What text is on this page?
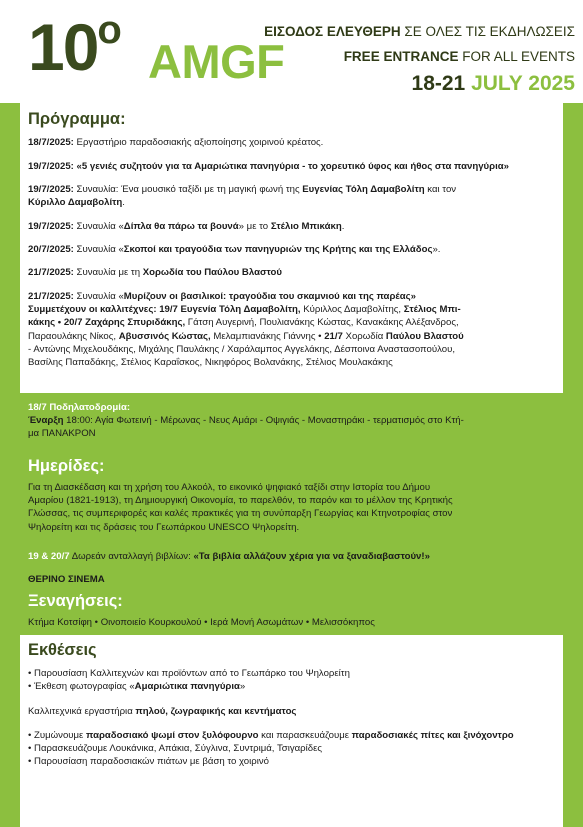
$10^o$
AMGF
ΕΙΣΟΔΟΣ ΕΛΕΥΘΕΡΗ ΣΕ ΟΛΕΣ ΤΙΣ ΕΚΔΗΛΩΣΕΙΣ
FREE ENTRANCE FOR ALL EVENTS
18-21 JULY 2025
Πρόγραμμα:
18/7/2025: Εργαστήριο παραδοσιακής αξιοποίησης χοιρινού κρέατος.
19/7/2025: «5 γενιές συζητούν για τα Αμαριώτικα πανηγύρια - το χορευτικό ύφος και ήθος στα πανηγύρια»
19/7/2025: Συναυλία: Ένα μουσικό ταξίδι με τη μαγική φωνή της Ευγενίας Τόλη Δαμαβολίτη και τον
Κύριλλο Δαμαβολίτη.
19/7/2025: Συναυλία «Δίπλα θα πάρω τα βουνά» με το Στέλιο Μπικάκη.
20/7/2025: Συναυλία «Σκοποί και τραγούδια των πανηγυριών της Κρήτης και της Ελλάδος».
21/7/2025: Συναυλία με τη Χορωδία του Παύλου Βλαστού
21/7/2025: Συναυλία «Μυρίζουν οι βασιλικοί: τραγούδια του σκαμνιού και της παρέας»
Συμμετέχουν οι καλλιτέχνες: 19/7 Ευγενία Τόλη Δαμαβολίτη, Κύριλλος Δαμαβολίτης, Στέλιος Μπι-
κάκης • 20/7 Ζαχάρης Σπυριδάκης, Γάτση Αυγερινή, Πουλιανάκης Κώστας, Κανακάκης Αλέξανδρος,
Παραουλάκης Νίκος, Αβυσσινός Κώστας, Μελαμπιανάκης Γιάννης • 21/7 Χορωδία Παύλου Βλαστού
- Αντώνης Μιχελουδάκης, Μιχάλης Παυλάκης / Χαράλαμπος Αγγελάκης, Δέσποινα Αναστασοπούλου,
Βασίλης Παπαδάκης, Στέλιος Καραΐσκος, Νικηφόρος Βολανάκης, Στέλιος Μουλακάκης
18/7 Ποδηλατοδρομία:
Έναρξη 18:00: Αγία Φωτεινή - Μέρωνας - Νευς Αμάρι - Οψιγιάς - Μοναστηράκι - τερματισμός στο Κτή-
μα ΠΑΝΑΚΡΟΝ
Ημερίδες:
Για τη Διασκέδαση και τη χρήση του Αλκοόλ, το εικονικό ψηφιακό ταξίδι στην Ιστορία του Δήμου
Αμαρίου (1821-1913), τη Δημιουργική Οικονομία, το παρελθόν, το παρόν και το μέλλον της Κρητικής
Γλώσσας, τις συμπεριφορές και καλές πρακτικές για τη συνύπαρξη Γεωργίας και Κτηνοτροφίας στον
Ψηλορείτη και τις δράσεις του Γεωπάρκου UNESCO Ψηλορείτη.
19 & 20/7 Δωρεάν ανταλλαγή βιβλίων: «Τα βιβλία αλλάζουν χέρια για να ξαναδιαβαστούν!»
ΘΕΡΙΝΟ ΣΙΝΕΜΑ
Ξεναγήσεις:
Κτήμα Κοτσίφη • Οινοποιείο Κουρκουλού • Ιερά Μονή Ασωμάτων • Μελισσόκηπος
Εκθέσεις
• Παρουσίαση Καλλιτεχνών και προϊόντων από το Γεωπάρκο του Ψηλορείτη
• Έκθεση φωτογραφίας «Αμαριώτικα πανηγύρια»
Καλλιτεχνικά εργαστήρια πηλού, ζωγραφικής και κεντήματος
• Ζυμώνουμε παραδοσιακό ψωμί στον ξυλόφουρνο και παρασκευάζουμε παραδοσιακές πίτες και ξινόχοντρο
• Παρασκευάζουμε Λουκάνικα, Απάκια, Σύγλινα, Συντριμά, Τσιγαρίδες
• Παρουσίαση παραδοσιακών πιάτων με βάση το χοιρινό
